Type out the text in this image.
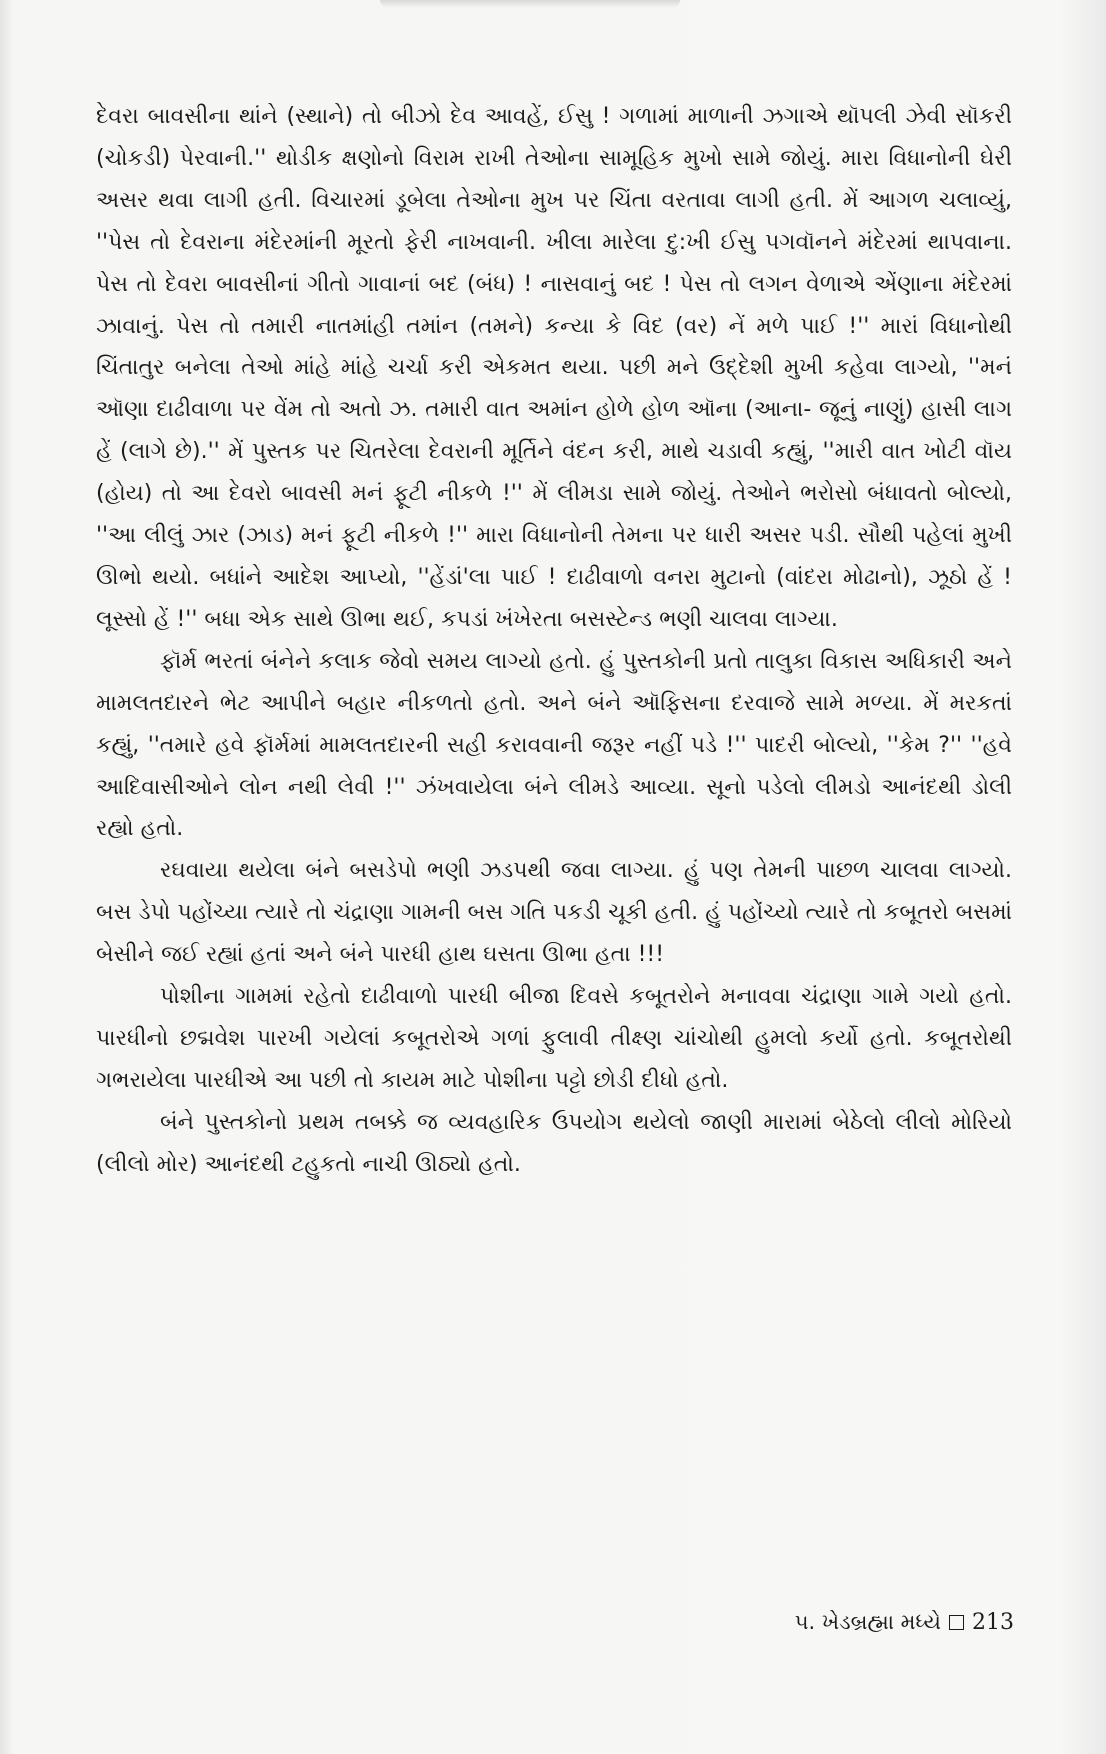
દેવરા બાવસીના થાંને (સ્થાને) તો બીઝો દેવ આવહેં, ઈસુ ! ગળામાં માળાની ઝગાએ થૉપલી ઝેવી સૉકરી (ચોકડી) પેરવાની.'' થોડીક ક્ષણોનો વિરામ રાખી તેઓના સામૂહિક મુખો સામે જોયું. મારા વિધાનોની ઘેરી અસર થવા લાગી હતી. વિચારમાં ડૂબેલા તેઓના મુખ પર ચિંતા વરતાવા લાગી હતી. મેં આગળ ચલાવ્યું, ''પેસ તો દેવરાના મંદેરમાંની મૂરતો ફેરી નાખવાની. ખીલા મારેલા દુ:ખી ઈસુ પગવૉનને મંદેરમાં થાપવાના. પેસ તો દેવરા બાવસીનાં ગીતો ગાવાનાં બદ (બંધ) ! નાસવાનું બદ ! પેસ તો લગન વેળાએ એંણાના મંદેરમાં ઝાવાનું. પેસ તો તમારી નાતમાંહી તમાંન (તમને) કન્યા કે વિદ (વર) નેં મળે પાઈ !'' મારાં વિધાનોથી ચિંતાતુર બનેલા તેઓ માંહે માંહે ચર્ચા કરી એકમત થયા. પછી મને ઉદ્દેશી મુખી કહેવા લાગ્યો, ''મનં ઑણા દાઢીવાળા પર વેંમ તો અતો ઝ. તમારી વાત અમાંન હોળે હોળ ઑના (આના- જૂનું નાણું) હાસી લાગ હેં (લાગે છે).'' મેં પુસ્તક પર ચિતરેલા દેવરાની મૂર્તિને વંદન કરી, માથે ચડાવી કહ્યું, ''મારી વાત ખોટી વૉય (હોય) તો આ દેવરો બાવસી મનં ફૂટી નીકળે !'' મેં લીમડા સામે જોયું. તેઓને ભરોસો બંધાવતો બોલ્યો, ''આ લીલું ઝાર (ઝાડ) મનં ફૂટી નીકળે !'' મારા વિધાનોની તેમના પર ધારી અસર પડી. સૌથી પહેલાં મુખી ઊભો થયો. બધાંને આદેશ આપ્યો, ''હેંડાં'લા પાઈ ! દાઢીવાળો વનરા મુટાનો (વાંદરા મોઢાનો), ઝૂઠો હેં ! લૂસ્સો હેં !'' બધા એક સાથે ઊભા થઈ, કપડાં ખંખેરતા બસસ્ટેન્ડ ભણી ચાલવા લાગ્યા.

ફૉર્મ ભરતાં બંનેને કલાક જેવો સમય લાગ્યો હતો. હું પુસ્તકોની પ્રતો તાલુકા વિકાસ અધિકારી અને મામલતદારને ભેટ આપીને બહાર નીકળતો હતો. અને બંને ઑફિસના દરવાજે સામે મળ્યા. મેં મરકતાં કહ્યું, ''તમારે હવે ફૉર્મમાં મામલતદારની સહી કરાવવાની જરૂર નહીં પડે !'' પાદરી બોલ્યો, ''કેમ ?'' ''હવે આદિવાસીઓને લોન નથી લેવી !'' ઝંખવાયેલા બંને લીમડે આવ્યા. સૂનો પડેલો લીમડો આનંદથી ડોલી રહ્યો હતો.

રઘવાયા થયેલા બંને બસડેપો ભણી ઝડપથી જવા લાગ્યા. હું પણ તેમની પાછળ ચાલવા લાગ્યો. બસ ડેપો પહોંચ્યા ત્યારે તો ચંદ્રાણા ગામની બસ ગતિ પકડી ચૂકી હતી. હું પહોંચ્યો ત્યારે તો કબૂતરો બસમાં બેસીને જઈ રહ્યાં હતાં અને બંને પારધી હાથ ઘસતા ઊભા હતા !!!

પોશીના ગામમાં રહેતો દાઢીવાળો પારધી બીજા દિવસે કબૂતરોને મનાવવા ચંદ્રાણા ગામે ગયો હતો. પારધીનો છદ્મવેશ પારખી ગયેલાં કબૂતરોએ ગળાં ફુલાવી તીક્ષ્ણ ચાંચોથી હુમલો કર્યો હતો. કબૂતરોથી ગભરાયેલા પારધીએ આ પછી તો કાયમ માટે પોશીના પટ્ટો છોડી દીધો હતો.

બંને પુસ્તકોનો પ્રથમ તબક્કે જ વ્યવહારિક ઉપયોગ થયેલો જાણી મારામાં બેઠેલો લીલો મોરિયો (લીલો મોર) આનંદથી ટહુકતો નાચી ઊઠ્યો હતો.

૫. ખેડબ્રહ્મા મધ્યે 213
